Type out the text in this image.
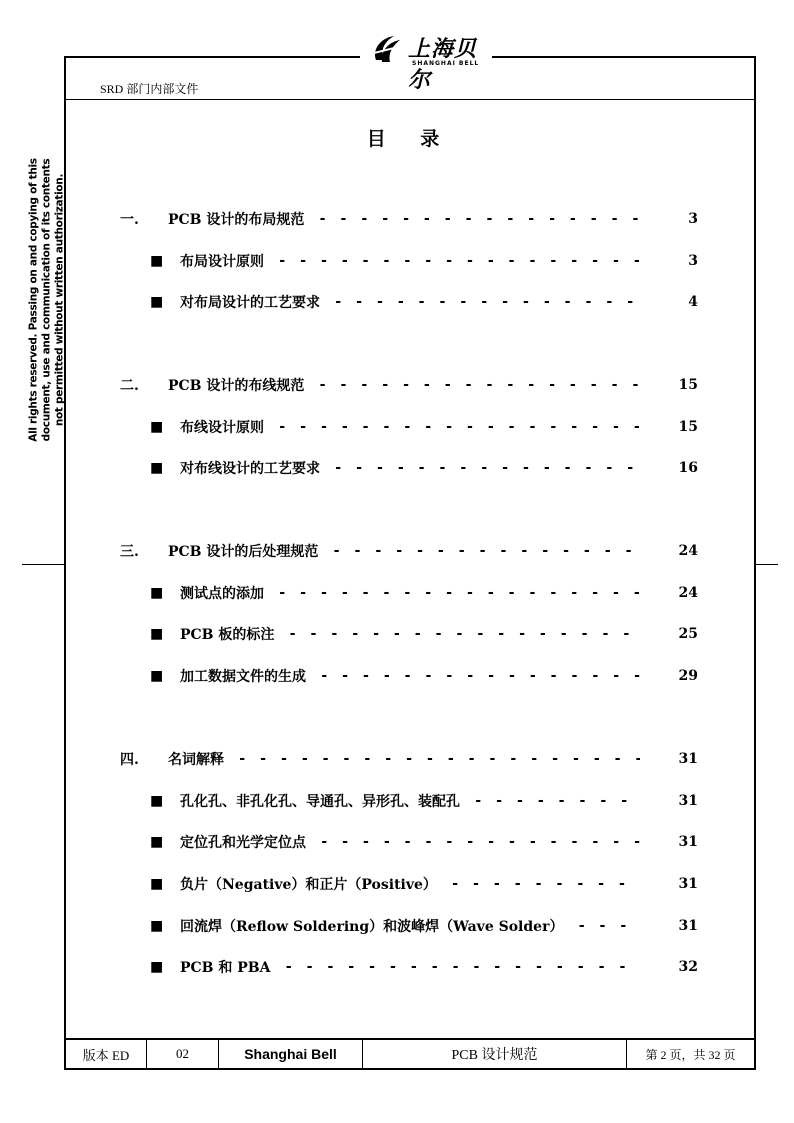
上海贝尔
SHANGHAI BELL
SRD 部门内部文件
All rights reserved. Passing on and copying of this document, use and communication of its contents not permitted without written authorization.
目 录
一.	PCB 设计的布局规范 - - -	3
■	布局设计原则 - - -	3
■	对布局设计的工艺要求 - - -	4
二.	PCB 设计的布线规范 - - -	15
■	布线设计原则 - - -	15
■	对布线设计的工艺要求 - - -	16
三.	PCB 设计的后处理规范 - - -	24
■	测试点的添加 - - -	24
■	PCB 板的标注 - - -	25
■	加工数据文件的生成 - - -	29
四.	名词解释 - - -	31
■	孔化孔、非孔化孔、导通孔、异形孔、装配孔 - - -	31
■	定位孔和光学定位点 - - -	31
■	负片（Negative）和正片（Positive） - - -	31
■	回流焊（Reflow Soldering）和波峰焊（Wave Solder） - - -	31
■	PCB 和 PBA - - -	32
版本 ED	02	Shanghai Bell	PCB 设计规范	第 2 页，共 32 页
